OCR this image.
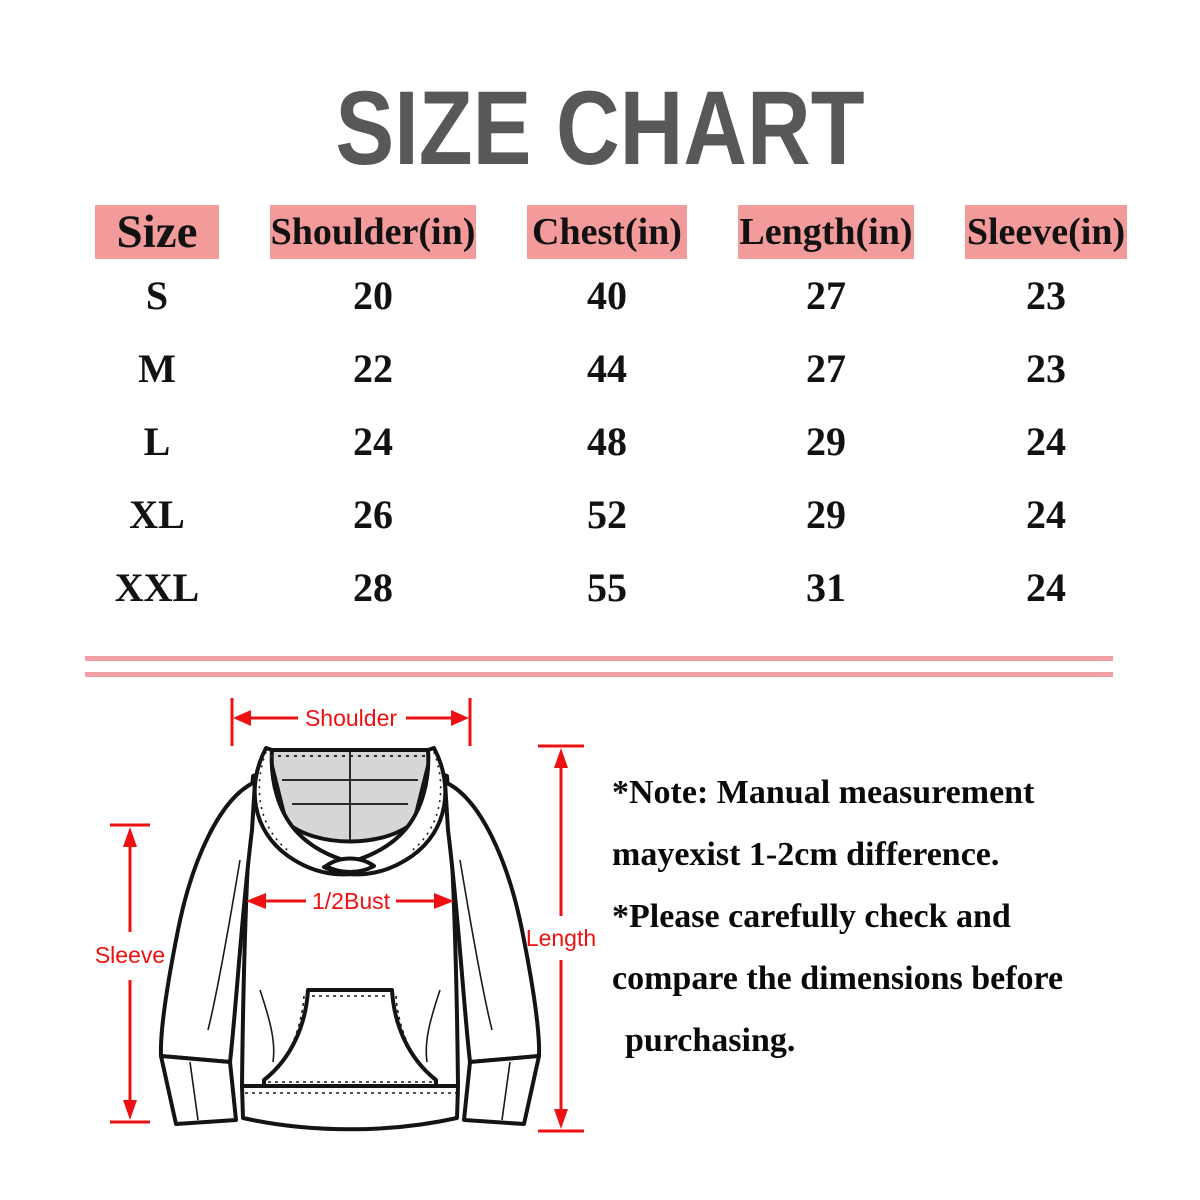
SIZE CHART
Size	Shoulder(in) Chest(in) Length(in) Sleeve(in)
S	20	40	27	23
M	22	44	27	23
L	24	48	29	24
XL	26	52	29	24
XXL	28	55	31	24
Shoulder
1/2Bust
Sleeve
Length
*Note: Manual measurement
mayexist 1-2cm difference.
*Please carefully check and
compare the dimensions before
purchasing.
